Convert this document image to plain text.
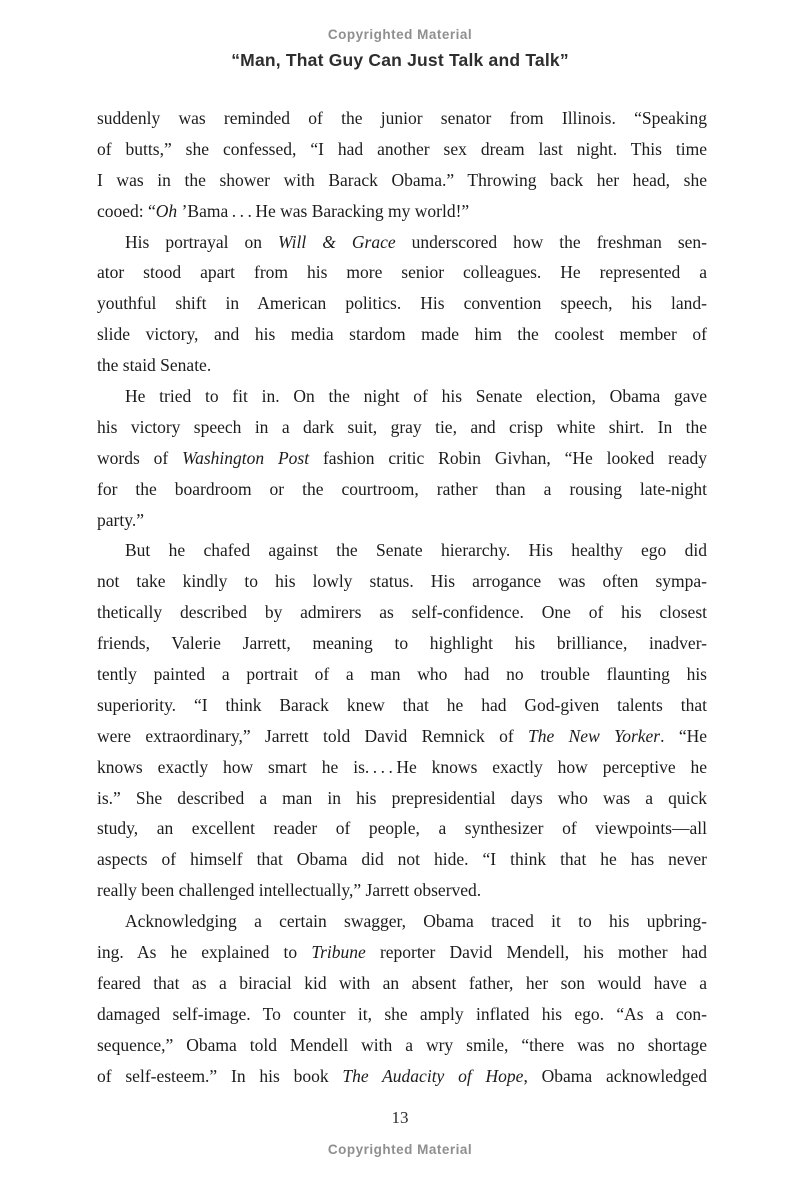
Copyrighted Material
“Man, That Guy Can Just Talk and Talk”
suddenly was reminded of the junior senator from Illinois. “Speaking
of butts,” she confessed, “I had another sex dream last night. This time
I was in the shower with Barack Obama.” Throwing back her head, she
cooed: “Oh ’Bama . . . He was Baracking my world!”
His portrayal on Will & Grace underscored how the freshman sen-
ator stood apart from his more senior colleagues. He represented a
youthful shift in American politics. His convention speech, his land-
slide victory, and his media stardom made him the coolest member of
the staid Senate.
He tried to fit in. On the night of his Senate election, Obama gave
his victory speech in a dark suit, gray tie, and crisp white shirt. In the
words of Washington Post fashion critic Robin Givhan, “He looked ready
for the boardroom or the courtroom, rather than a rousing late-night
party.”
But he chafed against the Senate hierarchy. His healthy ego did
not take kindly to his lowly status. His arrogance was often sympa-
thetically described by admirers as self-confidence. One of his closest
friends, Valerie Jarrett, meaning to highlight his brilliance, inadver-
tently painted a portrait of a man who had no trouble flaunting his
superiority. “I think Barack knew that he had God-given talents that
were extraordinary,” Jarrett told David Remnick of The New Yorker. “He
knows exactly how smart he is. . . . He knows exactly how perceptive he
is.” She described a man in his prepresidential days who was a quick
study, an excellent reader of people, a synthesizer of viewpoints—all
aspects of himself that Obama did not hide. “I think that he has never
really been challenged intellectually,” Jarrett observed.
Acknowledging a certain swagger, Obama traced it to his upbring-
ing. As he explained to Tribune reporter David Mendell, his mother had
feared that as a biracial kid with an absent father, her son would have a
damaged self-image. To counter it, she amply inflated his ego. “As a con-
sequence,” Obama told Mendell with a wry smile, “there was no shortage
of self-esteem.” In his book The Audacity of Hope, Obama acknowledged
13
Copyrighted Material
